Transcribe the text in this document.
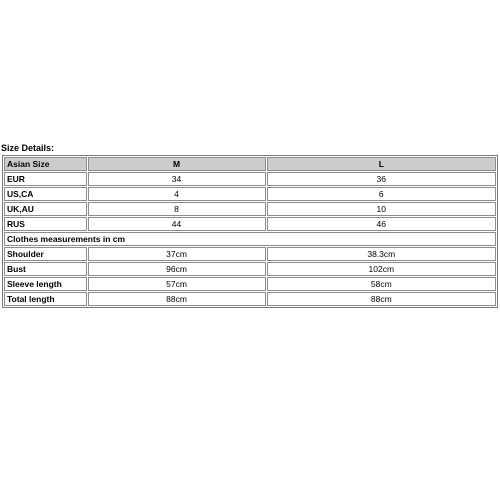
Size Details:
Asian Size	M	L
EUR	34	36
US,CA	4	6
UK,AU	8	10
RUS	44	46
Clothes measurements in cm		
Shoulder	37cm	38.3cm
Bust	96cm	102cm
Sleeve length	57cm	58cm
Total length	88cm	88cm
